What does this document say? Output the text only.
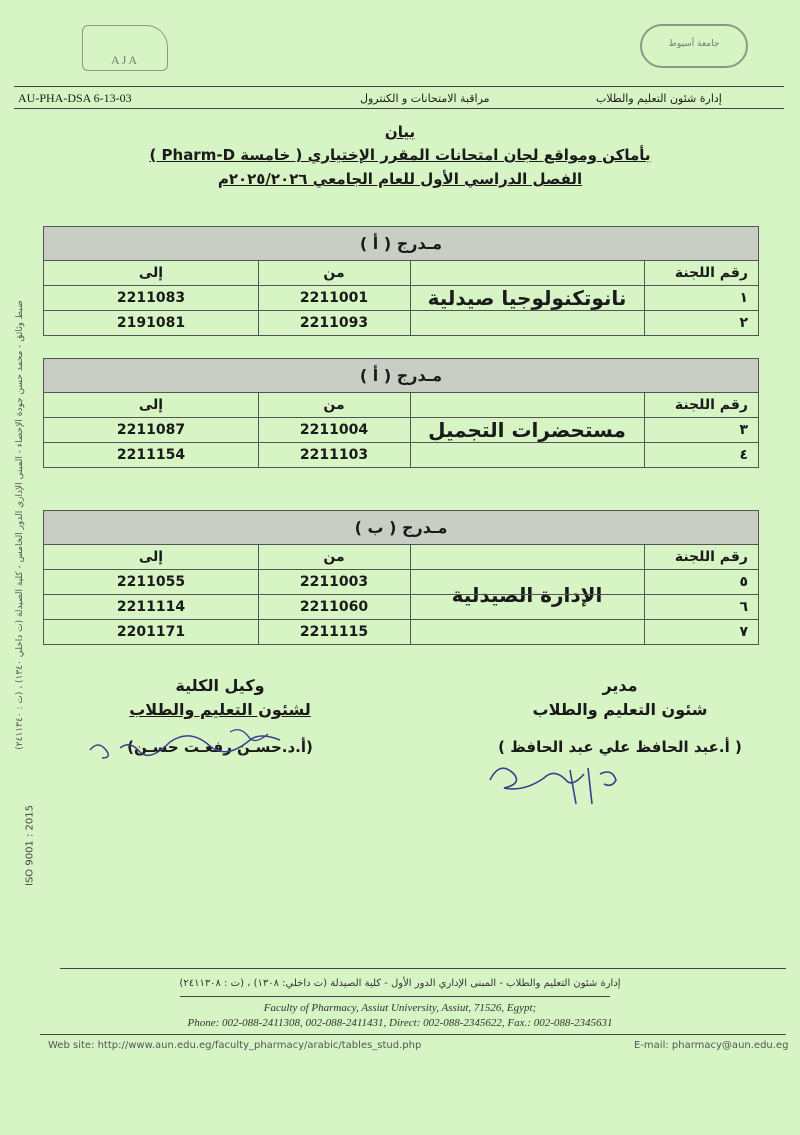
AJA
جامعة أسيوط
AU-PHA-DSA 6-13-03	مراقبة الامتحانات و الكنترول	إدارة شئون التعليم والطلاب
بيان
بأماكن ومواقع لجان امتحانات المقرر الإختياري ( خامسة Pharm-D )
الفصل الدراسي الأول للعام الجامعي ٢٠٢٥/٢٠٢٦م
مـدرج ( أ )
نانوتكنولوجيا صيدلية
إلى	من	رقم اللجنة
2211083	2211001	١
2191081	2211093	٢
مـدرج ( أ )
مستحضرات التجميل
إلى	من	رقم اللجنة
2211087	2211004	٣
2211154	2211103	٤
مـدرج ( ب )
الإدارة الصيدلية
إلى	من	رقم اللجنة
2211055	2211003	٥
2211114	2211060	٦
2201171	2211115	٧
وكيل الكلية
لشئون التعليم والطلاب
(أ.د.حسـن رفعـت حسـن)
مدير
شئون التعليم والطلاب
( أ.عبد الحافظ علي عبد الحافظ )
ضبط وثائق - محمد حسن جودة الإحصاء - المبنى الإداري الدور الخامس - كلية الصيدلة (ت داخلي ١٣٤٠) ، (ت : ٢٤١١٣٤٠)
ISO 9001 : 2015
إدارة شئون التعليم والطلاب - المبنى الإداري الدور الأول - كلية الصيدلة (ت داخلي: ١٣٠٨) ، (ت : ٢٤١١٣٠٨)
Faculty of Pharmacy, Assiut University, Assiut, 71526, Egypt;
Phone: 002-088-2411308, 002-088-2411431, Direct: 002-088-2345622, Fax.: 002-088-2345631
Web site: http://www.aun.edu.eg/faculty_pharmacy/arabic/tables_stud.php	E-mail: pharmacy@aun.edu.eg
